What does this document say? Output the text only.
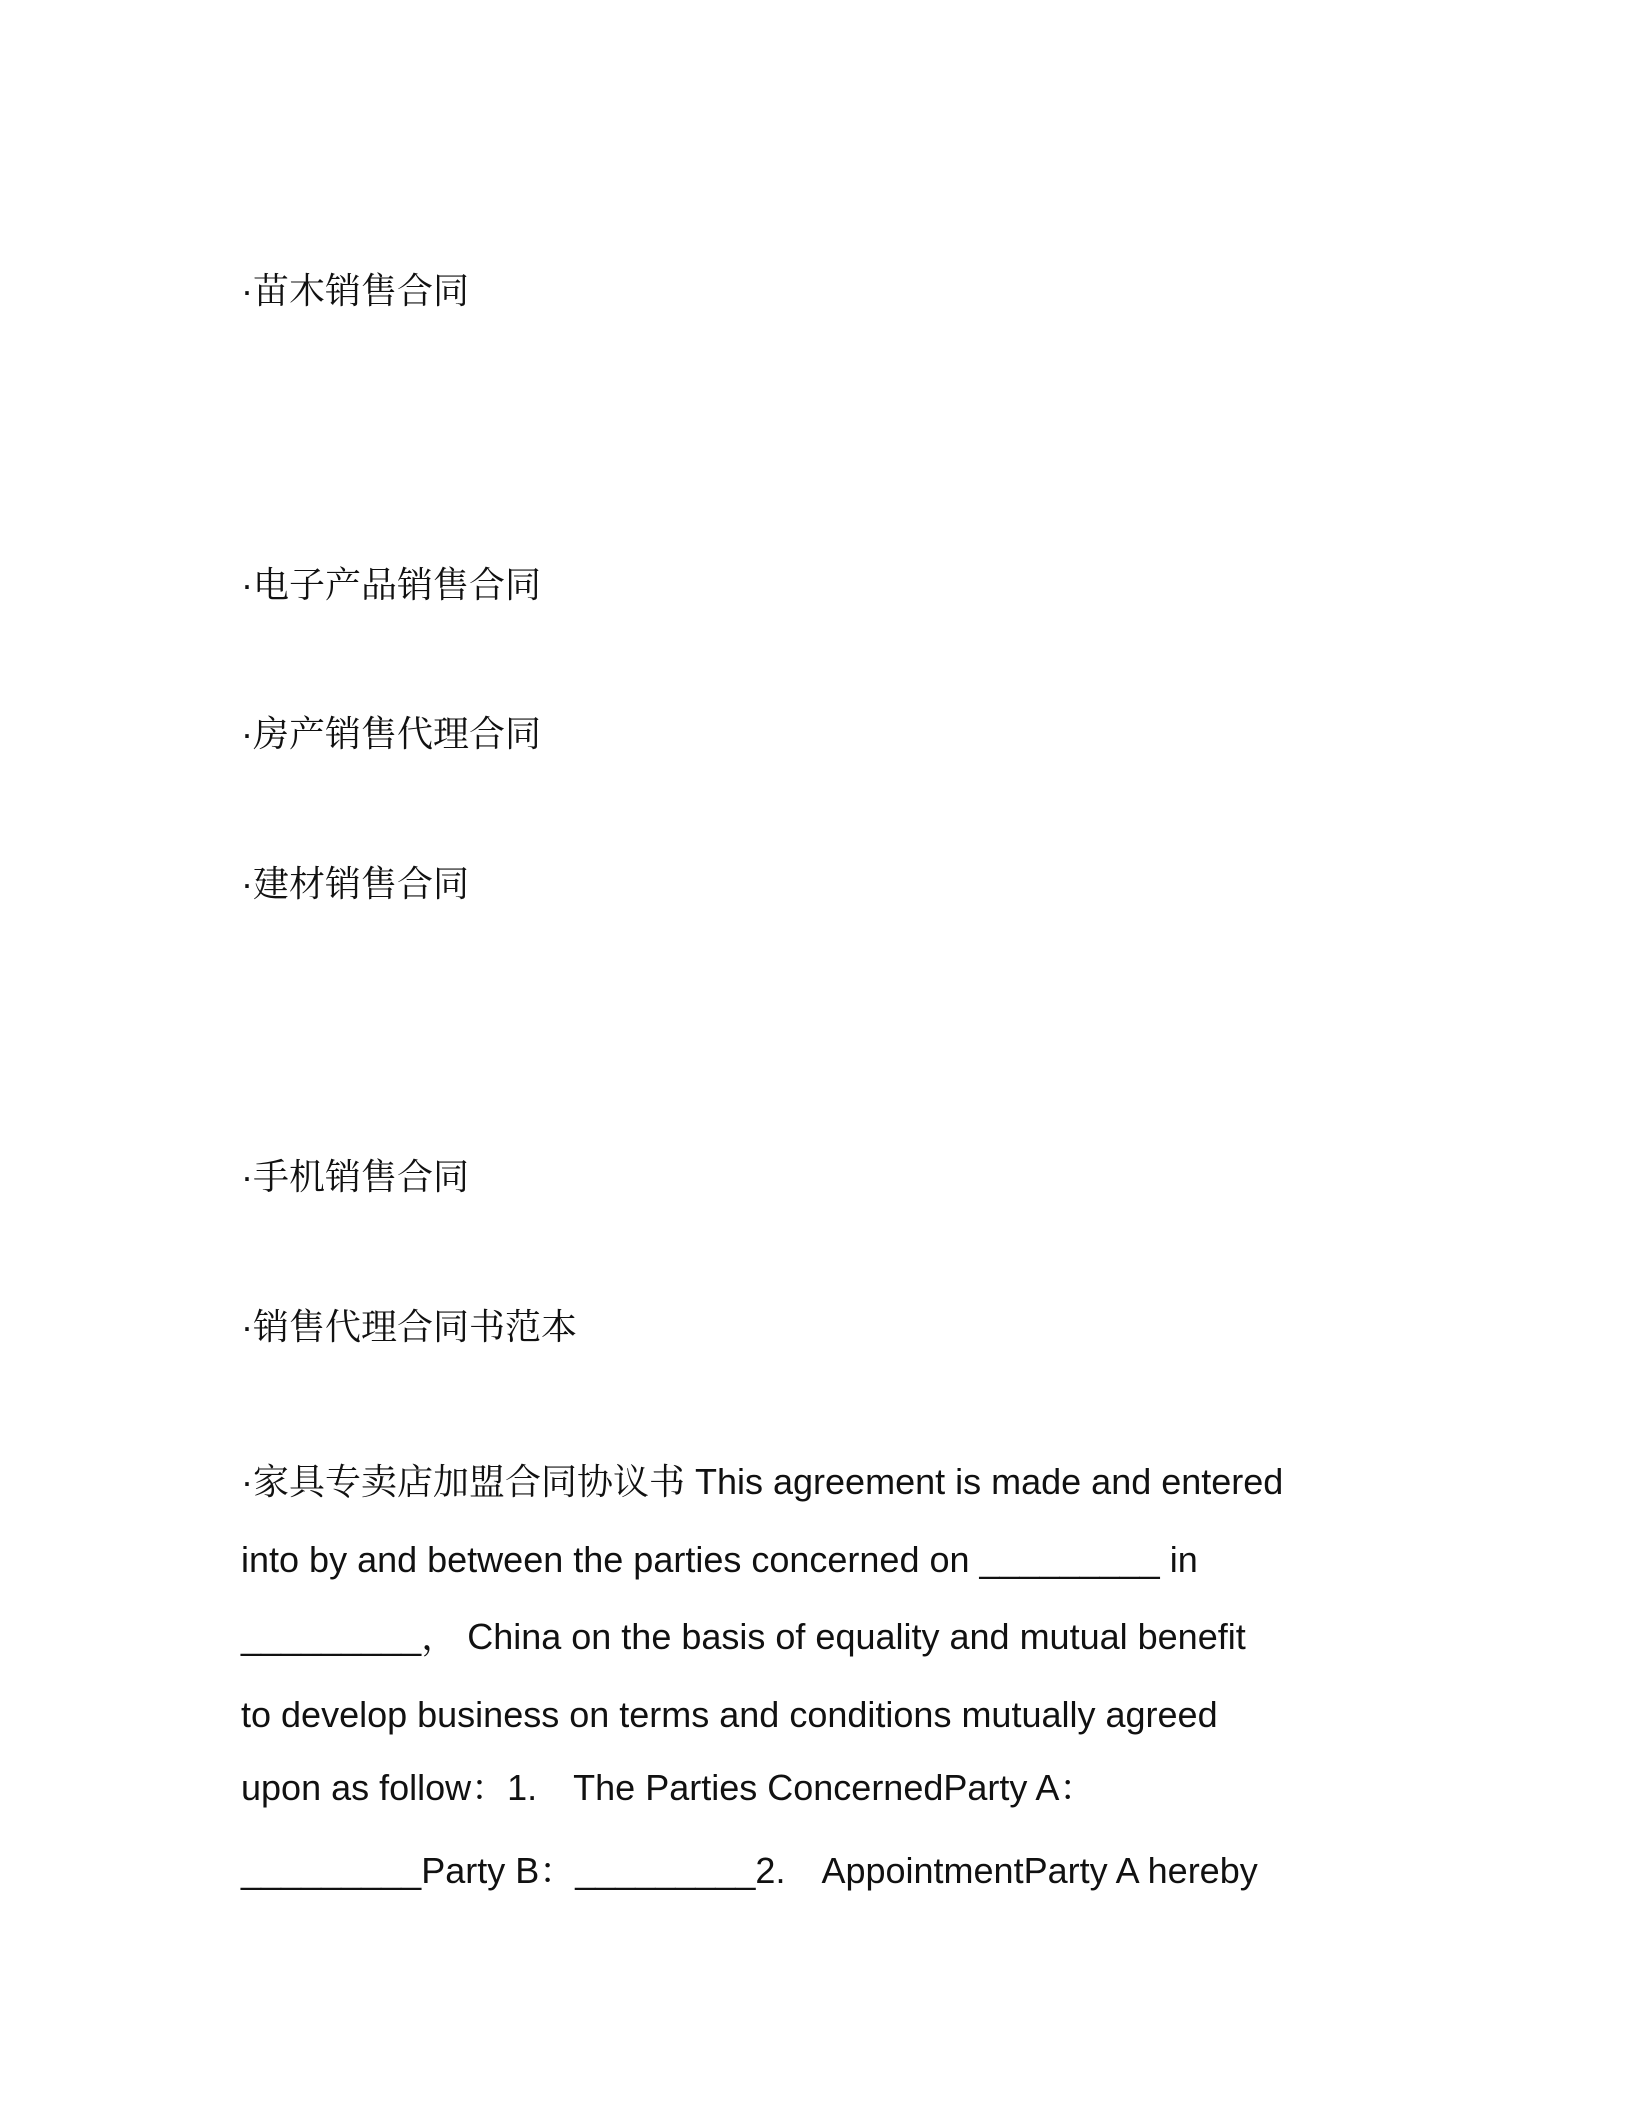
·苗木销售合同
·电子产品销售合同
·房产销售代理合同
·建材销售合同
·手机销售合同
·销售代理合同书范本
·家具专卖店加盟合同协议书 This agreement is made and entered
into by and between the parties concerned on _________ in
_________， China on the basis of equality and mutual benefit
to develop business on terms and conditions mutually agreed
upon as follow：1.　The Parties ConcernedParty A：
_________Party B：_________2.　AppointmentParty A hereby
